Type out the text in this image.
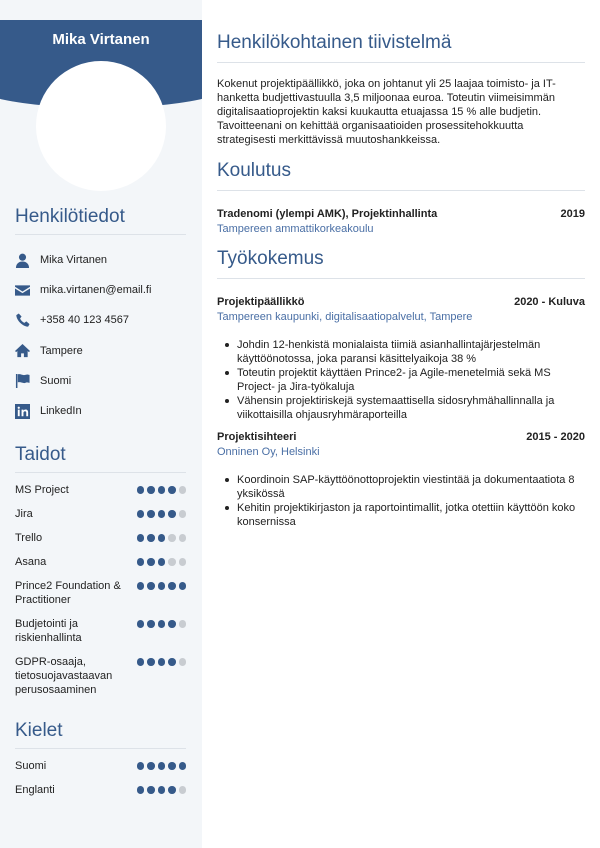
Mika Virtanen
Henkilötiedot
Mika Virtanen
mika.virtanen@email.fi
+358 40 123 4567
Tampere
Suomi
LinkedIn
Taidot
MS Project
Jira
Trello
Asana
Prince2 Foundation & Practitioner
Budjetointi ja riskienhallinta
GDPR-osaaja, tietosuojavastaavan perusosaaminen
Kielet
Suomi
Englanti
Henkilökohtainen tiivistelmä

Kokenut projektipäällikkö, joka on johtanut yli 25 laajaa toimisto- ja IT-hanketta budjettivastuulla 3,5 miljoonaa euroa. Toteutin viimeisimmän digitalisaatioprojektin kaksi kuukautta etuajassa 15 % alle budjetin. Tavoitteenani on kehittää organisaatioiden prosessitehokkuutta strategisesti merkittävissä muutoshankkeissa.

Koulutus
Tradenomi (ylempi AMK), Projektinhallinta	2019
Tampereen ammattikorkeakoulu
Työkokemus
Projektipäällikkö	2020 - Kuluva
Tampereen kaupunki, digitalisaatiopalvelut, Tampere
Johdin 12-henkistä monialaista tiimiä asianhallintajärjestelmän käyttöönotossa, joka paransi käsittelyaikoja 38 %
Toteutin projektit käyttäen Prince2- ja Agile-menetelmiä sekä MS Project- ja Jira-työkaluja
Vähensin projektiriskejä systemaattisella sidosryhmähallinnalla ja viikottaisilla ohjausryhmäraporteilla
Projektisihteeri	2015 - 2020
Onninen Oy, Helsinki
Koordinoin SAP-käyttöönottoprojektin viestintää ja dokumentaatiota 8 yksikössä
Kehitin projektikirjaston ja raportointimallit, jotka otettiin käyttöön koko konsernissa
